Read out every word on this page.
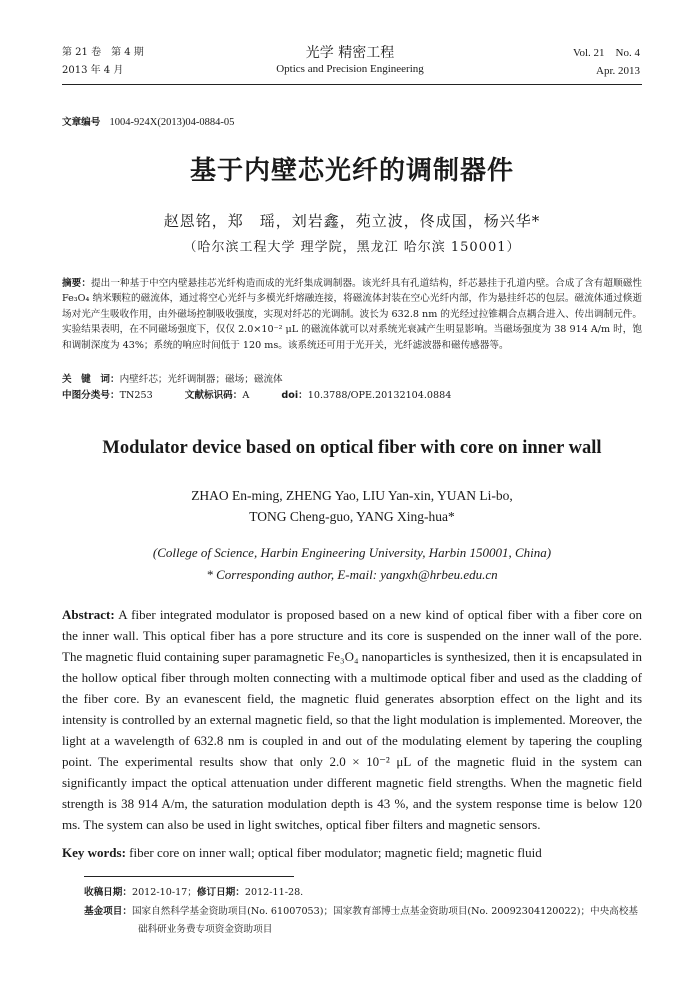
第 21 卷　第 4 期
2013 年 4 月
光学 精密工程
Optics and Precision Engineering
Vol. 21　No. 4
Apr. 2013
文章编号 1004-924X(2013)04-0884-05
基于内壁芯光纤的调制器件
赵恩铭，郑　瑶，刘岩鑫，苑立波，佟成国，杨兴华*
（哈尔滨工程大学 理学院，黑龙江 哈尔滨 150001）
摘要：提出一种基于中空内壁悬挂芯光纤构造而成的光纤集成调制器。该光纤具有孔道结构，纤芯悬挂于孔道内壁。合成了含有超顺磁性 Fe₃O₄ 纳米颗粒的磁流体，通过将空心光纤与多模光纤熔融连接，将磁流体封装在空心光纤内部，作为悬挂纤芯的包层。磁流体通过倏逝场对光产生吸收作用，由外磁场控制吸收强度，实现对纤芯的光调制。波长为 632.8 nm 的光经过拉锥耦合点耦合进入、传出调制元件。实验结果表明，在不同磁场强度下，仅仅 2.0×10⁻² μL 的磁流体就可以对系统光衰减产生明显影响。当磁场强度为 38 914 A/m 时，饱和调制深度为 43%；系统的响应时间低于 120 ms。该系统还可用于光开关，光纤滤波器和磁传感器等。
关　键　词：内壁纤芯；光纤调制器；磁场；磁流体
中图分类号：TN253	文献标识码：A	doi：10.3788/OPE.20132104.0884
Modulator device based on optical fiber with core on inner wall
ZHAO En-ming, ZHENG Yao, LIU Yan-xin, YUAN Li-bo,
TONG Cheng-guo, YANG Xing-hua*
(College of Science, Harbin Engineering University, Harbin 150001, China)
* Corresponding author, E-mail: yangxh@hrbeu.edu.cn
Abstract: A fiber integrated modulator is proposed based on a new kind of optical fiber with a fiber core on the inner wall. This optical fiber has a pore structure and its core is suspended on the inner wall of the pore. The magnetic fluid containing super paramagnetic Fe₃O₄ nanoparticles is synthesized, then it is encapsulated in the hollow optical fiber through molten connecting with a multimode optical fiber and used as the cladding of the fiber core. By an evanescent field, the magnetic fluid generates absorption effect on the light and its intensity is controlled by an external magnetic field, so that the light modulation is implemented. Moreover, the light at a wavelength of 632.8 nm is coupled in and out of the modulating element by tapering the coupling point. The experimental results show that only 2.0 × 10⁻² μL of the magnetic fluid in the system can significantly impact the optical attenuation under different magnetic field strengths. When the magnetic field strength is 38 914 A/m, the saturation modulation depth is 43 %, and the system response time is below 120 ms. The system can also be used in light switches, optical fiber filters and magnetic sensors.
Key words: fiber core on inner wall; optical fiber modulator; magnetic field; magnetic fluid
收稿日期：2012-10-17；修订日期：2012-11-28.
基金项目：国家自然科学基金资助项目(No. 61007053)；国家教育部博士点基金资助项目(No. 20092304120022)；中央高校基础科研业务费专项资金资助项目
